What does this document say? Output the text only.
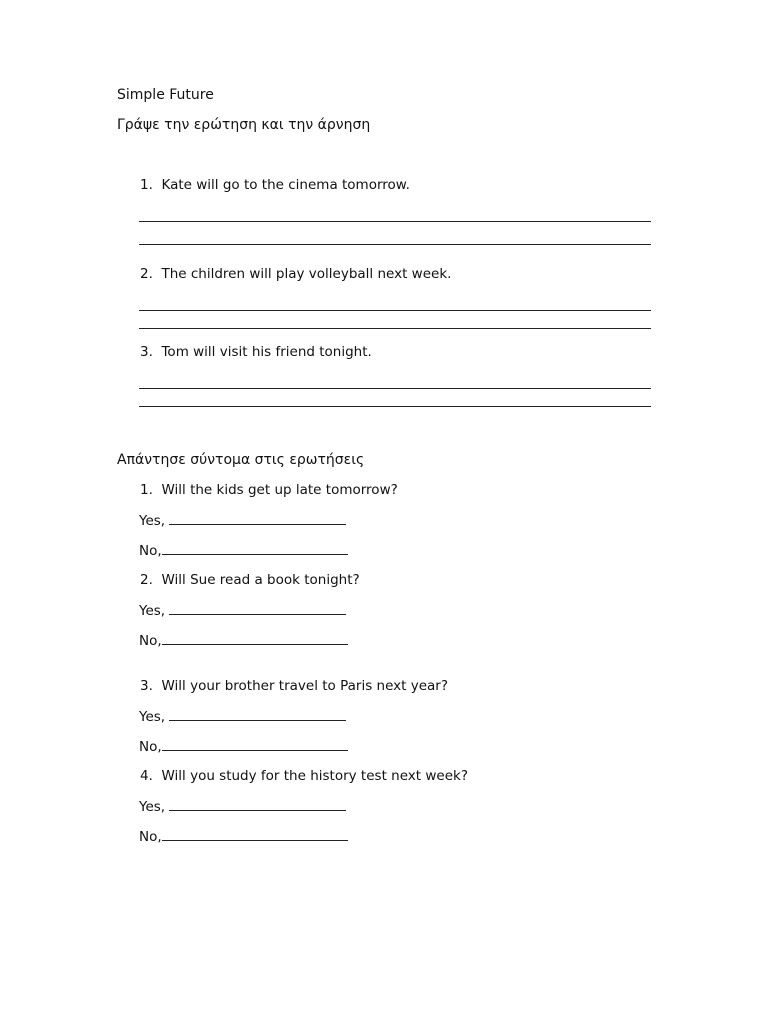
Simple Future
Γράψε την ερώτηση και την άρνηση
1. Kate will go to the cinema tomorrow.
2. The children will play volleyball next week.
3. Tom will visit his friend tonight.
Απάντησε σύντομα στις ερωτήσεις
1. Will the kids get up late tomorrow?
Yes,
No,
2. Will Sue read a book tonight?
Yes,
No,
3. Will your brother travel to Paris next year?
Yes,
No,
4. Will you study for the history test next week?
Yes,
No,
